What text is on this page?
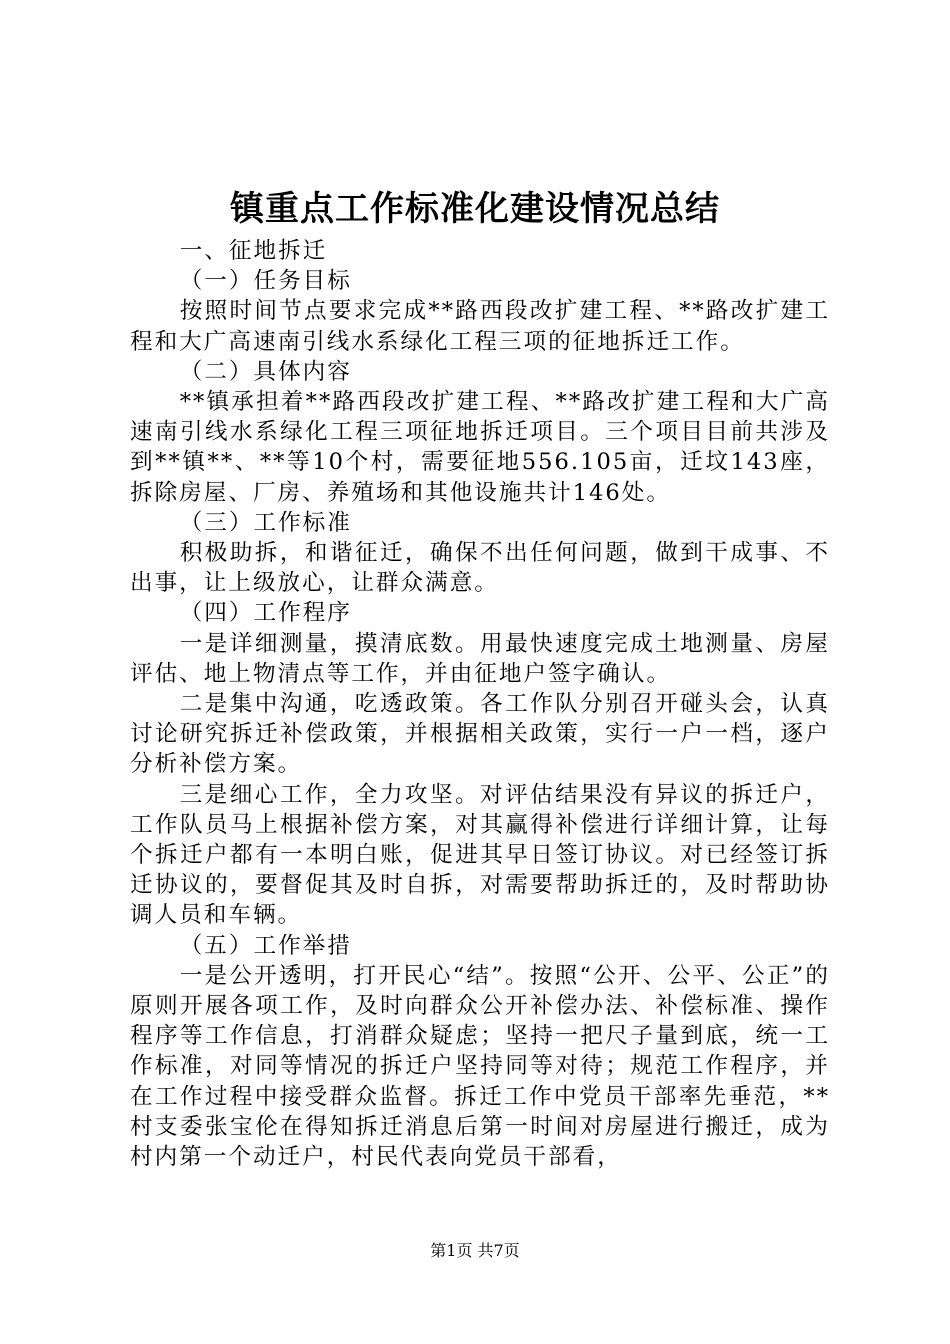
镇重点工作标准化建设情况总结

一、征地拆迁

（一）任务目标

按照时间节点要求完成**路西段改扩建工程、**路改扩建工程和大广高速南引线水系绿化工程三项的征地拆迁工作。

（二）具体内容

**镇承担着**路西段改扩建工程、**路改扩建工程和大广高速南引线水系绿化工程三项征地拆迁项目。三个项目目前共涉及到**镇**、**等10个村，需要征地556.105亩，迁坟143座，拆除房屋、厂房、养殖场和其他设施共计146处。

（三）工作标准

积极助拆，和谐征迁，确保不出任何问题，做到干成事、不出事，让上级放心，让群众满意。

（四）工作程序

一是详细测量，摸清底数。用最快速度完成土地测量、房屋评估、地上物清点等工作，并由征地户签字确认。

二是集中沟通，吃透政策。各工作队分别召开碰头会，认真讨论研究拆迁补偿政策，并根据相关政策，实行一户一档，逐户分析补偿方案。

三是细心工作，全力攻坚。对评估结果没有异议的拆迁户，工作队员马上根据补偿方案，对其赢得补偿进行详细计算，让每个拆迁户都有一本明白账，促进其早日签订协议。对已经签订拆迁协议的，要督促其及时自拆，对需要帮助拆迁的，及时帮助协调人员和车辆。

（五）工作举措

一是公开透明，打开民心“结”。按照“公开、公平、公正”的原则开展各项工作，及时向群众公开补偿办法、补偿标准、操作程序等工作信息，打消群众疑虑；坚持一把尺子量到底，统一工作标准，对同等情况的拆迁户坚持同等对待；规范工作程序，并在工作过程中接受群众监督。拆迁工作中党员干部率先垂范，**村支委张宝伦在得知拆迁消息后第一时间对房屋进行搬迁，成为村内第一个动迁户，村民代表向党员干部看，

第1页 共7页
